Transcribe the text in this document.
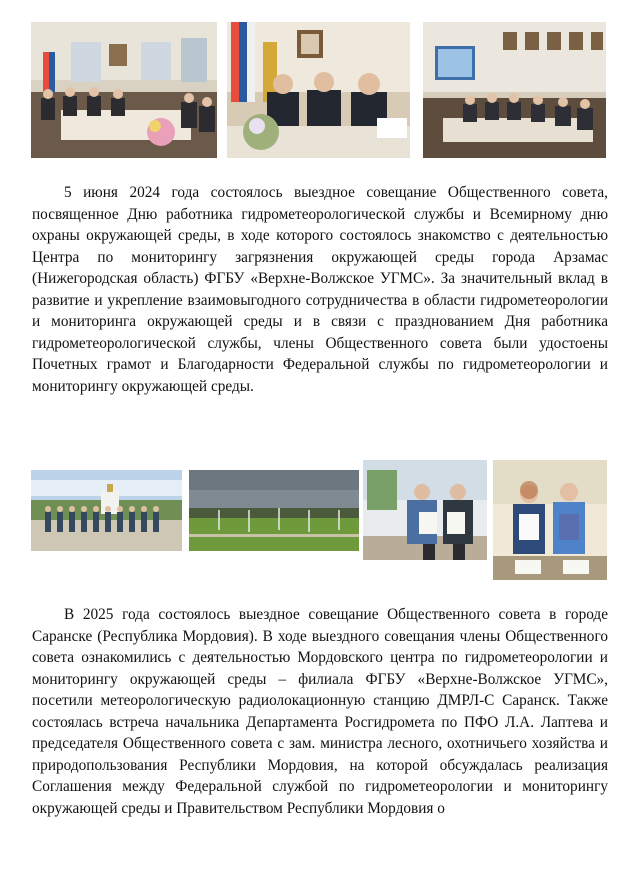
5 июня 2024 года состоялось выездное совещание Общественного совета, посвященное Дню работника гидрометеорологической службы и Всемирному дню охраны окружающей среды, в ходе которого состоялось знакомство с деятельностью Центра по мониторингу загрязнения окружающей среды города Арзамас (Нижегородская область) ФГБУ «Верхне-Волжское УГМС». За значительный вклад в развитие и укрепление взаимовыгодного сотрудничества в области гидрометеорологии и мониторинга окружающей среды и в связи с празднованием Дня работника гидрометеорологической службы, члены Общественного совета были удостоены Почетных грамот и Благодарности Федеральной службы по гидрометеорологии и мониторингу окружающей среды.

В 2025 года состоялось выездное совещание Общественного совета в городе Саранске (Республика Мордовия). В ходе выездного совещания члены Общественного совета ознакомились с деятельностью Мордовского центра по гидрометеорологии и мониторингу окружающей среды – филиала ФГБУ «Верхне-Волжское УГМС», посетили метеорологическую радиолокационную станцию ДМРЛ-С Саранск. Также состоялась встреча начальника Департамента Росгидромета по ПФО Л.А. Лаптева и председателя Общественного совета с зам. министра лесного, охотничьего хозяйства и природопользования Республики Мордовия, на которой обсуждалась реализация Соглашения между Федеральной службой по гидрометеорологии и мониторингу окружающей среды и Правительством Республики Мордовия о
